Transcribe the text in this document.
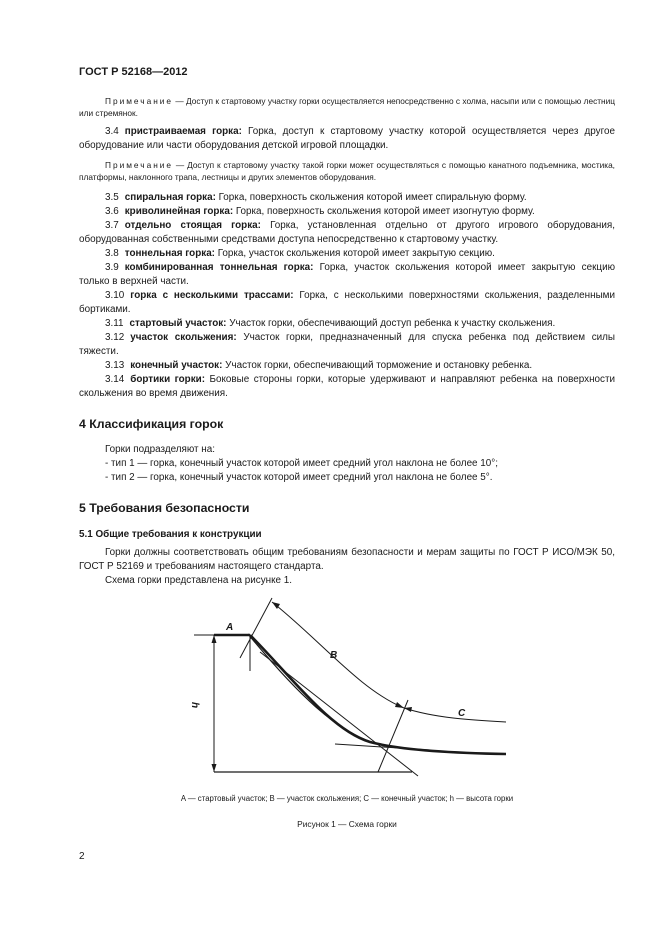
ГОСТ Р 52168—2012

Примечание — Доступ к стартовому участку горки осуществляется непосредственно с холма, насыпи или с помощью лестниц или стремянок.

3.4 пристраиваемая горка: Горка, доступ к стартовому участку которой осуществляется через другое оборудование или части оборудования детской игровой площадки.

Примечание — Доступ к стартовому участку такой горки может осуществляться с помощью канатного подъемника, мостика, платформы, наклонного трапа, лестницы и других элементов оборудования.

3.5 спиральная горка: Горка, поверхность скольжения которой имеет спиральную форму.

3.6 криволинейная горка: Горка, поверхность скольжения которой имеет изогнутую форму.

3.7 отдельно стоящая горка: Горка, установленная отдельно от другого игрового оборудования, оборудованная собственными средствами доступа непосредственно к стартовому участку.

3.8 тоннельная горка: Горка, участок скольжения которой имеет закрытую секцию.

3.9 комбинированная тоннельная горка: Горка, участок скольжения которой имеет закрытую секцию только в верхней части.

3.10 горка с несколькими трассами: Горка, с несколькими поверхностями скольжения, разделенными бортиками.

3.11 стартовый участок: Участок горки, обеспечивающий доступ ребенка к участку скольжения.

3.12 участок скольжения: Участок горки, предназначенный для спуска ребенка под действием силы тяжести.

3.13 конечный участок: Участок горки, обеспечивающий торможение и остановку ребенка.

3.14 бортики горки: Боковые стороны горки, которые удерживают и направляют ребенка на поверхности скольжения во время движения.

4 Классификация горок

Горки подразделяют на:

- тип 1 — горка, конечный участок которой имеет средний угол наклона не более 10°;

- тип 2 — горка, конечный участок которой имеет средний угол наклона не более 5°.

5 Требования безопасности
5.1 Общие требования к конструкции

Горки должны соответствовать общим требованиям безопасности и мерам защиты по ГОСТ Р ИСО/МЭК 50, ГОСТ Р 52169 и требованиям настоящего стандарта.

Схема горки представлена на рисунке 1.

h
A
B
C
A — стартовый участок; B — участок скольжения; C — конечный участок; h — высота горки
Рисунок 1 — Схема горки
2
